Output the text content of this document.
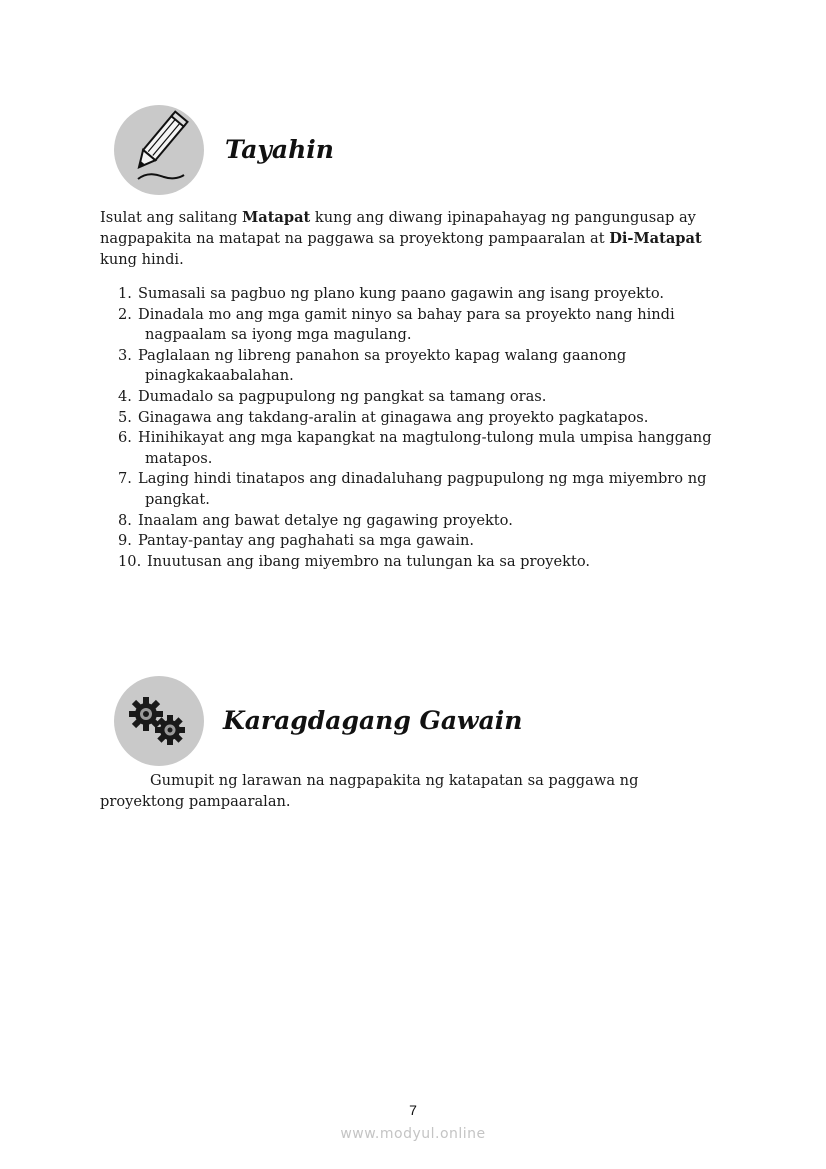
Tayahin
Isulat ang salitang Matapat kung ang diwang ipinapahayag ng pangungusap ay nagpapakita na matapat na paggawa sa proyektong pampaaralan at Di-Matapat kung hindi.
1. Sumasali sa pagbuo ng plano kung paano gagawin ang isang proyekto.
2. Dinadala mo ang mga gamit ninyo sa bahay para sa proyekto nang hindi
nagpaalam sa iyong mga magulang.
3. Paglalaan ng libreng panahon sa proyekto kapag walang gaanong
pinagkakaabalahan.
4. Dumadalo sa pagpupulong ng pangkat sa tamang oras.
5. Ginagawa ang takdang-aralin at ginagawa ang proyekto pagkatapos.
6. Hinihikayat ang mga kapangkat na magtulong-tulong mula umpisa hanggang
matapos.
7. Laging hindi tinatapos ang dinadaluhang pagpupulong ng mga miyembro ng
pangkat.
8. Inaalam ang bawat detalye ng gagawing proyekto.
9. Pantay-pantay ang paghahati sa mga gawain.
10. Inuutusan ang ibang miyembro na tulungan ka sa proyekto.
Karagdagang Gawain
Gumupit ng larawan na nagpapakita ng katapatan sa paggawa ng
proyektong pampaaralan.
7
www.modyul.online
